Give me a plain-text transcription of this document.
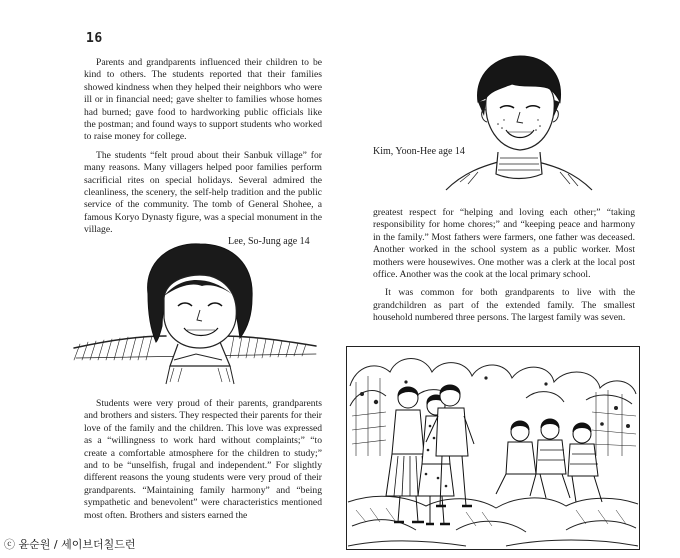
16

Parents and grandparents influenced their children to be kind to others. The students reported that their families showed kindness when they helped their neighbors who were ill or in financial need; gave shelter to families whose homes had burned; gave food to hardworking public officials like the postman; and found ways to support students who worked to raise money for college.

The students “felt proud about their Sanbuk village” for many reasons. Many villagers helped poor families perform sacrificial rites on special holidays. Several admired the cleanliness, the scenery, the self-help tradition and the public service of the community. The tomb of General Shohee, a famous Koryo Dynasty figure, was a special monument in the village.

Lee, So-Jung age 14

Students were very proud of their parents, grandparents and brothers and sisters. They respected their parents for their love of the family and the children. This love was expressed as a “willingness to work hard without complaints;” “to create a comfortable atmosphere for the children to study;” and to be “unselfish, frugal and independent.” For slightly different reasons the young students were very proud of their grandparents. “Maintaining family harmony” and “being sympathetic and benevolent” were characteristics mentioned most often. Brothers and sisters earned the

Kim, Yoon-Hee age 14

greatest respect for “helping and loving each other;” “taking responsibility for home chores;” and “keeping peace and harmony in the family.” Most fathers were farmers, one father was deceased. Another worked in the school system as a public worker. Most mothers were housewives. One mother was a clerk at the local post office. Another was the cook at the local primary school.

It was common for both grandparents to live with the grandchildren as part of the extended family. The smallest household numbered three persons. The largest family was seven.

ⓒ 윤순원 / 세이브더칠드런
